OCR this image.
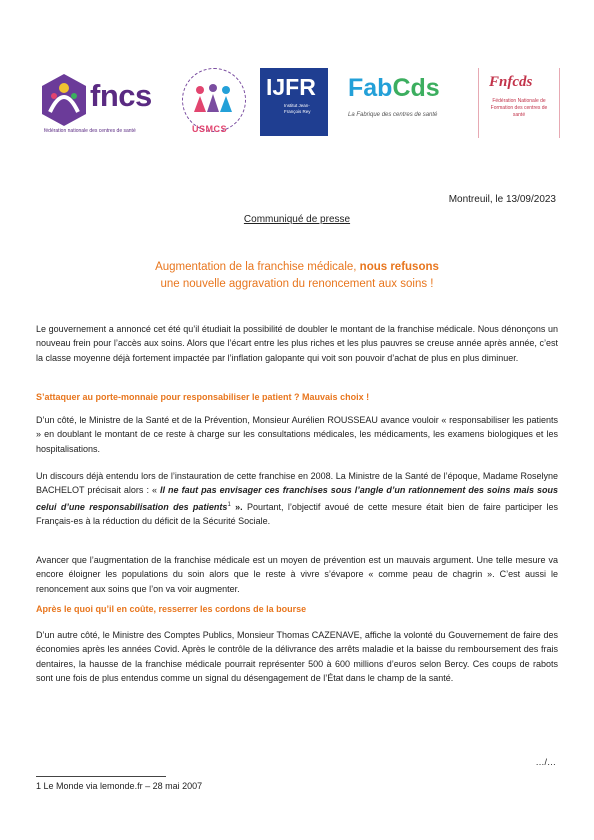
fncs
fédération nationale des centres de santé	USMCS
IJFR
Institut Jean-François Rey
FabCds
La Fabrique des centres de santé
Fnfcds
Fédération Nationale de Formation des centres de santé
Montreuil, le 13/09/2023
Communiqué de presse
Augmentation de la franchise médicale, nous refusons
une nouvelle aggravation du renoncement aux soins !
Le gouvernement a annoncé cet été qu’il étudiait la possibilité de doubler le montant de la franchise médicale. Nous dénonçons un nouveau frein pour l’accès aux soins. Alors que l’écart entre les plus riches et les plus pauvres se creuse année après année, c’est la classe moyenne déjà fortement impactée par l’inflation galopante qui voit son pouvoir d’achat de plus en plus diminuer.
S’attaquer au porte-monnaie pour responsabiliser le patient ? Mauvais choix !
D’un côté, le Ministre de la Santé et de la Prévention, Monsieur Aurélien ROUSSEAU avance vouloir « responsabiliser les patients » en doublant le montant de ce reste à charge sur les consultations médicales, les médicaments, les examens biologiques et les hospitalisations.
Un discours déjà entendu lors de l’instauration de cette franchise en 2008. La Ministre de la Santé de l’époque, Madame Roselyne BACHELOT précisait alors : « Il ne faut pas envisager ces franchises sous l’angle d’un rationnement des soins mais sous celui d’une responsabilisation des patients$^1$ ». Pourtant, l’objectif avoué de cette mesure était bien de faire participer les Français-es à la réduction du déficit de la Sécurité Sociale.
Avancer que l’augmentation de la franchise médicale est un moyen de prévention est un mauvais argument. Une telle mesure va encore éloigner les populations du soin alors que le reste à vivre s’évapore « comme peau de chagrin ». C’est aussi le renoncement aux soins que l’on va voir augmenter.
Après le quoi qu’il en coûte, resserrer les cordons de la bourse
D’un autre côté, le Ministre des Comptes Publics, Monsieur Thomas CAZENAVE, affiche la volonté du Gouvernement de faire des économies après les années Covid. Après le contrôle de la délivrance des arrêts maladie et la baisse du remboursement des frais dentaires, la hausse de la franchise médicale pourrait représenter 500 à 600 millions d’euros selon Bercy. Ces coups de rabots sont une fois de plus entendus comme un signal du désengagement de l’État dans le champ de la santé.
…/…
1 Le Monde via lemonde.fr – 28 mai 2007
